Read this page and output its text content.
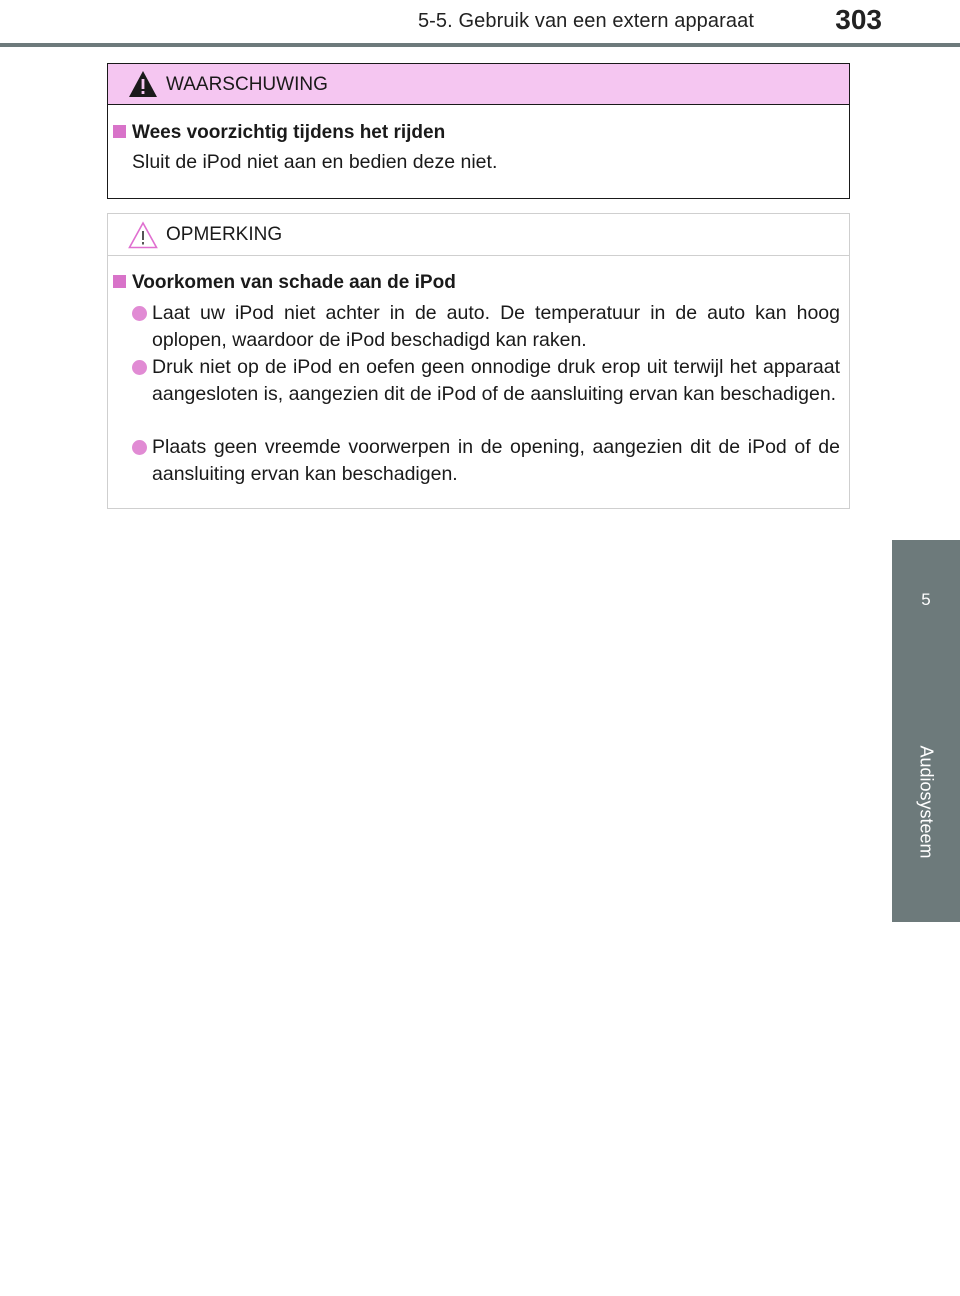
5-5. Gebruik van een extern apparaat	303
5
Audiosysteem
WAARSCHUWING
Wees voorzichtig tijdens het rijden
Sluit de iPod niet aan en bedien deze niet.
OPMERKING
Voorkomen van schade aan de iPod
Laat uw iPod niet achter in de auto. De temperatuur in de auto kan hoog oplopen, waardoor de iPod beschadigd kan raken.
Druk niet op de iPod en oefen geen onnodige druk erop uit terwijl het apparaat aangesloten is, aangezien dit de iPod of de aansluiting ervan kan beschadigen.
Plaats geen vreemde voorwerpen in de opening, aangezien dit de iPod of de aansluiting ervan kan beschadigen.
